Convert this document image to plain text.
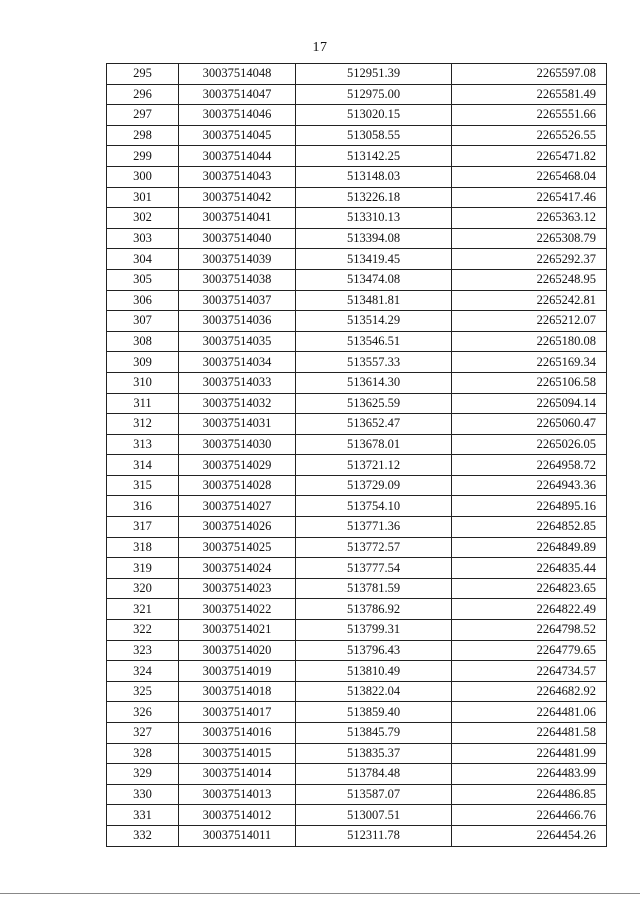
17
295	30037514048	512951.39	2265597.08
296	30037514047	512975.00	2265581.49
297	30037514046	513020.15	2265551.66
298	30037514045	513058.55	2265526.55
299	30037514044	513142.25	2265471.82
300	30037514043	513148.03	2265468.04
301	30037514042	513226.18	2265417.46
302	30037514041	513310.13	2265363.12
303	30037514040	513394.08	2265308.79
304	30037514039	513419.45	2265292.37
305	30037514038	513474.08	2265248.95
306	30037514037	513481.81	2265242.81
307	30037514036	513514.29	2265212.07
308	30037514035	513546.51	2265180.08
309	30037514034	513557.33	2265169.34
310	30037514033	513614.30	2265106.58
311	30037514032	513625.59	2265094.14
312	30037514031	513652.47	2265060.47
313	30037514030	513678.01	2265026.05
314	30037514029	513721.12	2264958.72
315	30037514028	513729.09	2264943.36
316	30037514027	513754.10	2264895.16
317	30037514026	513771.36	2264852.85
318	30037514025	513772.57	2264849.89
319	30037514024	513777.54	2264835.44
320	30037514023	513781.59	2264823.65
321	30037514022	513786.92	2264822.49
322	30037514021	513799.31	2264798.52
323	30037514020	513796.43	2264779.65
324	30037514019	513810.49	2264734.57
325	30037514018	513822.04	2264682.92
326	30037514017	513859.40	2264481.06
327	30037514016	513845.79	2264481.58
328	30037514015	513835.37	2264481.99
329	30037514014	513784.48	2264483.99
330	30037514013	513587.07	2264486.85
331	30037514012	513007.51	2264466.76
332	30037514011	512311.78	2264454.26
